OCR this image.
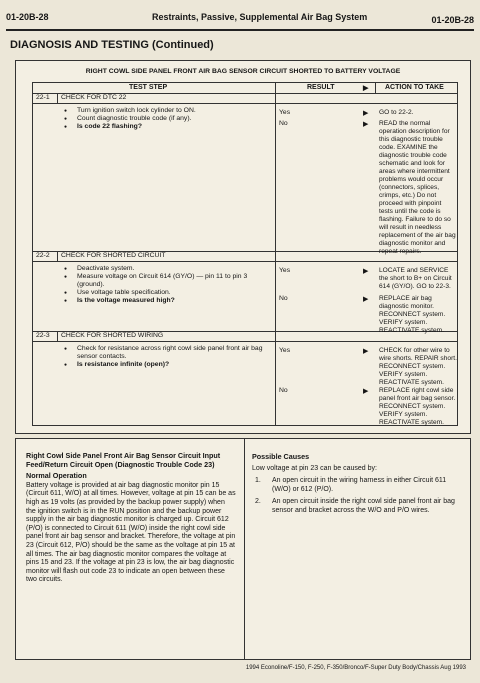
01-20B-28	Restraints, Passive, Supplemental Air Bag System	01-20B-28
DIAGNOSIS AND TESTING (Continued)
RIGHT COWL SIDE PANEL FRONT AIR BAG SENSOR CIRCUIT SHORTED TO BATTERY VOLTAGE
TEST STEP	RESULT	▶ ACTION TO TAKE
22-1 CHECK FOR DTC 22
● Turn ignition switch lock cylinder to ON.
● Count diagnostic trouble code (if any).
● Is code 22 flashing?
Yes	▶ GO to 22-2.
No	▶ READ the normal operation description for this diagnostic trouble code. EXAMINE the diagnostic trouble code schematic and look for areas where intermittent problems would occur (connectors, splices, crimps, etc.) Do not proceed with pinpoint tests until the code is flashing. Failure to do so will result in needless replacement of the air bag diagnostic monitor and repeat repairs.
22-2 CHECK FOR SHORTED CIRCUIT
● Deactivate system.
● Measure voltage on Circuit 614 (GY/O) — pin 11 to pin 3 (ground).
● Use voltage table specification.
● Is the voltage measured high?
Yes	▶ LOCATE and SERVICE the short to B+ on Circuit 614 (GY/O). GO to 22-3.
No	▶ REPLACE air bag diagnostic monitor. RECONNECT system. VERIFY system. REACTIVATE system.
22-3 CHECK FOR SHORTED WIRING
● Check for resistance across right cowl side panel front air bag sensor contacts.
● Is resistance infinite (open)?
Yes	▶ CHECK for other wire to wire shorts. REPAIR short. RECONNECT system. VERIFY system. REACTIVATE system.
No	▶ REPLACE right cowl side panel front air bag sensor. RECONNECT system. VERIFY system. REACTIVATE system.

Right Cowl Side Panel Front Air Bag Sensor Circuit Input Feed/Return Circuit Open (Diagnostic Trouble Code 23)

Normal Operation

Battery voltage is provided at air bag diagnostic monitor pin 15 (Circuit 611, W/O) at all times. However, voltage at pin 15 can be as high as 19 volts (as provided by the backup power supply) when the ignition switch is in the RUN position and the backup power supply in the air bag diagnostic monitor is charged up. Circuit 612 (P/O) is connected to Circuit 611 (W/O) inside the right cowl side panel front air bag sensor and bracket. Therefore, the voltage at pin 23 (Circuit 612, P/O) should be the same as the voltage at pin 15 at all times. The air bag diagnostic monitor compares the voltage at pins 15 and 23. If the voltage at pin 23 is low, the air bag diagnostic monitor will flash out code 23 to indicate an open between these two circuits.

Possible Causes

Low voltage at pin 23 can be caused by:

1. An open circuit in the wiring harness in either Circuit 611 (W/O) or 612 (P/O).
2. An open circuit inside the right cowl side panel front air bag sensor and bracket across the W/O and P/O wires.
1994 Econoline/F-150, F-250, F-350/Bronco/F-Super Duty Body/Chassis Aug 1993
